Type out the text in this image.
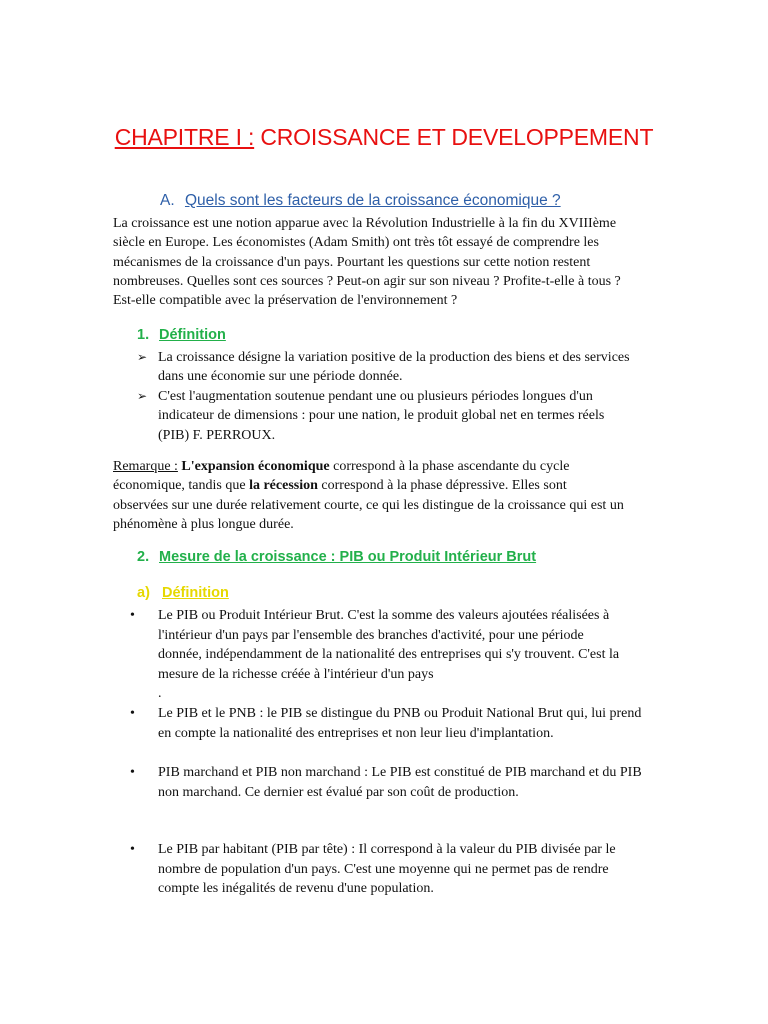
CHAPITRE I : CROISSANCE ET DEVELOPPEMENT
A. Quels sont les facteurs de la croissance économique ?
La croissance est une notion apparue avec la Révolution Industrielle à la fin du XVIIIème
siècle en Europe. Les économistes (Adam Smith) ont très tôt essayé de comprendre les
mécanismes de la croissance d'un pays. Pourtant les questions sur cette notion restent
nombreuses. Quelles sont ces sources ? Peut-on agir sur son niveau ? Profite-t-elle à tous ?
Est-elle compatible avec la préservation de l'environnement ?
1. Définition
➢ La croissance désigne la variation positive de la production des biens et des services
dans une économie sur une période donnée.
➢ C'est l'augmentation soutenue pendant une ou plusieurs périodes longues d'un
indicateur de dimensions : pour une nation, le produit global net en termes réels
(PIB) F. PERROUX.
Remarque : L'expansion économique correspond à la phase ascendante du cycle
économique, tandis que la récession correspond à la phase dépressive. Elles sont
observées sur une durée relativement courte, ce qui les distingue de la croissance qui est un
phénomène à plus longue durée.
2. Mesure de la croissance : PIB ou Produit Intérieur Brut
a) Définition
• Le PIB ou Produit Intérieur Brut. C'est la somme des valeurs ajoutées réalisées à
l'intérieur d'un pays par l'ensemble des branches d'activité, pour une période
donnée, indépendamment de la nationalité des entreprises qui s'y trouvent. C'est la
mesure de la richesse créée à l'intérieur d'un pays
.
• Le PIB et le PNB : le PIB se distingue du PNB ou Produit National Brut qui, lui prend
en compte la nationalité des entreprises et non leur lieu d'implantation.
• PIB marchand et PIB non marchand : Le PIB est constitué de PIB marchand et du PIB
non marchand. Ce dernier est évalué par son coût de production.
• Le PIB par habitant (PIB par tête) : Il correspond à la valeur du PIB divisée par le
nombre de population d'un pays. C'est une moyenne qui ne permet pas de rendre
compte les inégalités de revenu d'une population.
